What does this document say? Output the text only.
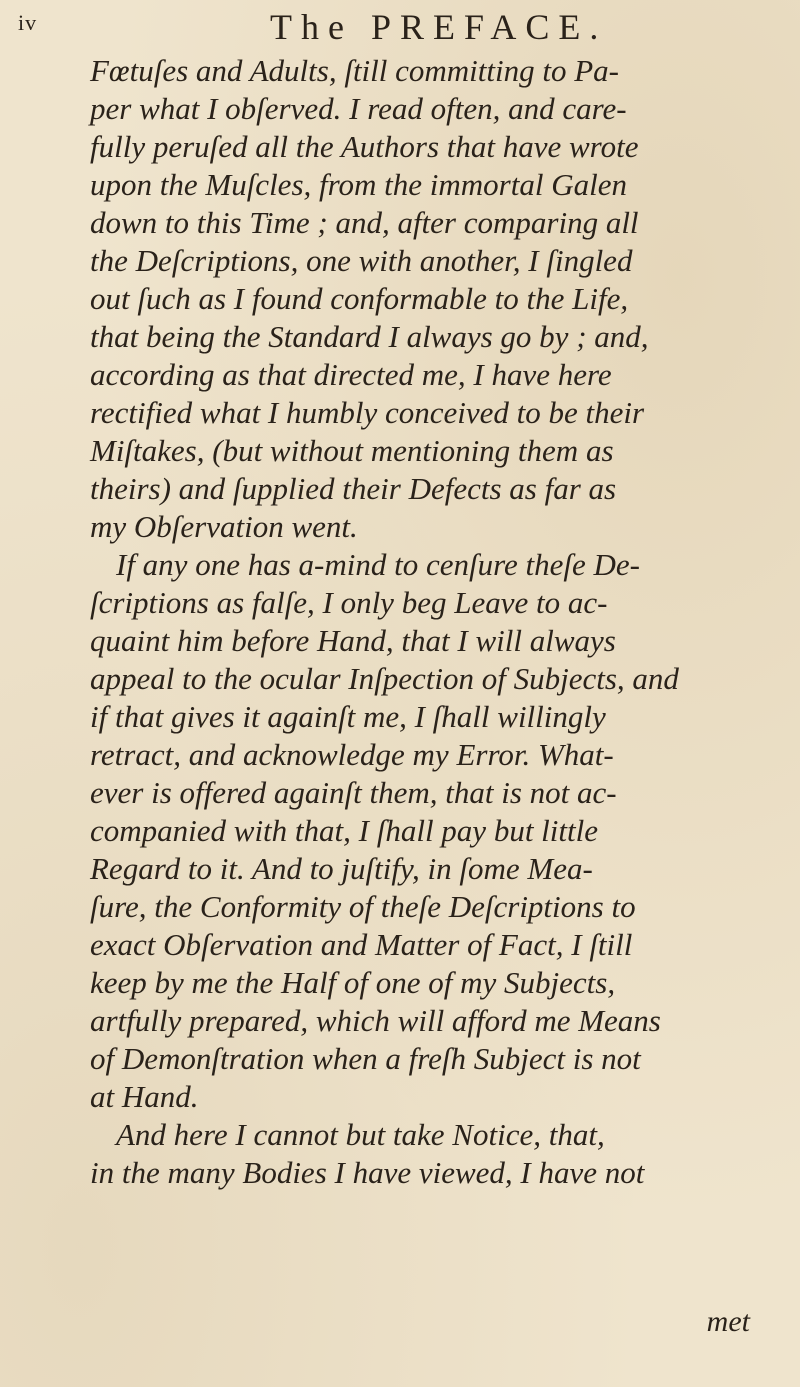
iv	The PREFACE.
Fœtuſes and Adults, ſtill committing to Pa-
per what I obſerved. I read often, and care-
fully peruſed all the Authors that have wrote
upon the Muſcles, from the immortal Galen
down to this Time ; and, after comparing all
the Deſcriptions, one with another, I ſingled
out ſuch as I found conformable to the Life,
that being the Standard I always go by ; and,
according as that directed me, I have here
rectified what I humbly conceived to be their
Miſtakes, (but without mentioning them as
theirs) and ſupplied their Defects as far as
my Obſervation went.
If any one has a-mind to cenſure theſe De-
ſcriptions as falſe, I only beg Leave to ac-
quaint him before Hand, that I will always
appeal to the ocular Inſpection of Subjects, and
if that gives it againſt me, I ſhall willingly
retract, and acknowledge my Error. What-
ever is offered againſt them, that is not ac-
companied with that, I ſhall pay but little
Regard to it. And to juſtify, in ſome Mea-
ſure, the Conformity of theſe Deſcriptions to
exact Obſervation and Matter of Fact, I ſtill
keep by me the Half of one of my Subjects,
artfully prepared, which will afford me Means
of Demonſtration when a freſh Subject is not
at Hand.
And here I cannot but take Notice, that,
in the many Bodies I have viewed, I have not
met
